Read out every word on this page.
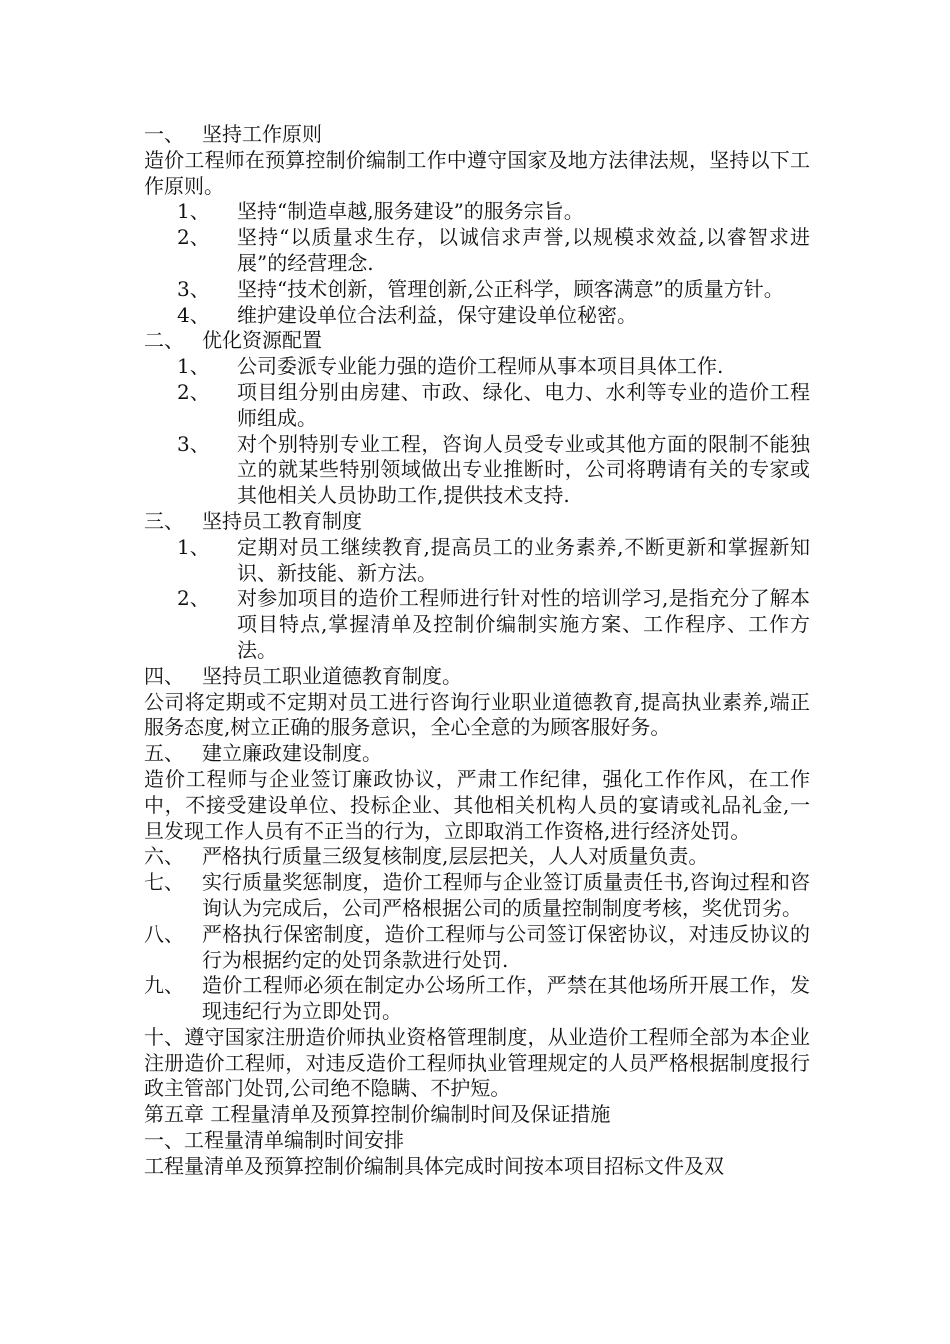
一、 坚持工作原则

造价工程师在预算控制价编制工作中遵守国家及地方法律法规，坚持以下工作原则。

1、	坚持“制造卓越,服务建设”的服务宗旨。
2、	坚持“以质量求生存，以诚信求声誉,以规模求效益,以睿智求进展”的经营理念.
3、	坚持“技术创新，管理创新,公正科学，顾客满意”的质量方针。
4、	维护建设单位合法利益，保守建设单位秘密。
二、 优化资源配置
1、	公司委派专业能力强的造价工程师从事本项目具体工作.
2、	项目组分别由房建、市政、绿化、电力、水利等专业的造价工程师组成。
3、	对个别特别专业工程，咨询人员受专业或其他方面的限制不能独立的就某些特别领域做出专业推断时，公司将聘请有关的专家或其他相关人员协助工作,提供技术支持.
三、 坚持员工教育制度
1、	定期对员工继续教育,提高员工的业务素养,不断更新和掌握新知识、新技能、新方法。
2、	对参加项目的造价工程师进行针对性的培训学习,是指充分了解本项目特点,掌握清单及控制价编制实施方案、工作程序、工作方法。
四、 坚持员工职业道德教育制度。

公司将定期或不定期对员工进行咨询行业职业道德教育,提高执业素养,端正服务态度,树立正确的服务意识，全心全意的为顾客服好务。

五、 建立廉政建设制度。

造价工程师与企业签订廉政协议，严肃工作纪律，强化工作作风，在工作中，不接受建设单位、投标企业、其他相关机构人员的宴请或礼品礼金,一旦发现工作人员有不正当的行为，立即取消工作资格,进行经济处罚。

六、 严格执行质量三级复核制度,层层把关，人人对质量负责。
七、 实行质量奖惩制度，造价工程师与企业签订质量责任书,咨询过程和咨询认为完成后，公司严格根据公司的质量控制制度考核，奖优罚劣。
八、 严格执行保密制度，造价工程师与公司签订保密协议，对违反协议的行为根据约定的处罚条款进行处罚.
九、 造价工程师必须在制定办公场所工作，严禁在其他场所开展工作，发现违纪行为立即处罚。

十、遵守国家注册造价师执业资格管理制度，从业造价工程师全部为本企业注册造价工程师，对违反造价工程师执业管理规定的人员严格根据制度报行政主管部门处罚,公司绝不隐瞒、不护短。

第五章 工程量清单及预算控制价编制时间及保证措施

一、工程量清单编制时间安排

工程量清单及预算控制价编制具体完成时间按本项目招标文件及双
